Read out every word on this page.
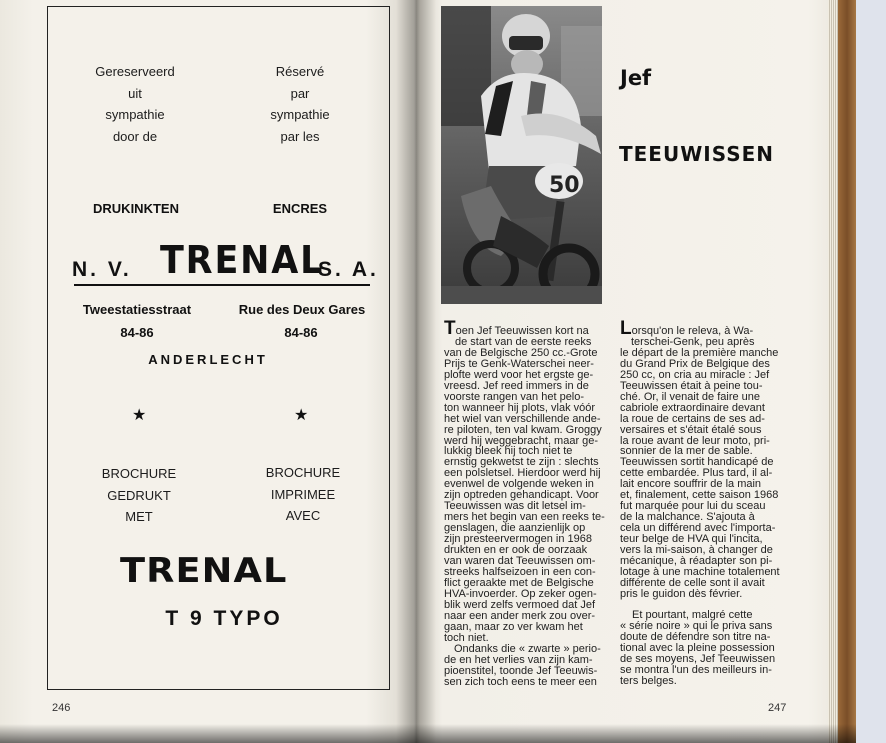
Gereserveerd
uit
sympathie
door de
Réservé
par
sympathie
par les
DRUKINKTEN	ENCRES
N. V. TRENAL
S. A.
Tweestatiesstraat	Rue des Deux Gares
84-86	84-86
ANDERLECHT
★	★
BROCHURE
GEDRUKT
MET
BROCHURE
IMPRIMEE
AVEC
TRENAL
T 9 TYPO
246
50
Jef
TEEUWISSEN

Toen Jef Teeuwissen kort na

de start van de eerste reeks

van de Belgische 250 cc.-Grote

Prijs te Genk-Waterschei neer-

plofte werd voor het ergste ge-

vreesd. Jef reed immers in de

voorste rangen van het pelo-

ton wanneer hij plots, vlak vóór

het wiel van verschillende ande-

re piloten, ten val kwam. Groggy

werd hij weggebracht, maar ge-

lukkig bleek hij toch niet te

ernstig gekwetst te zijn : slechts

een polsletsel. Hierdoor werd hij

evenwel de volgende weken in

zijn optreden gehandicapt. Voor

Teeuwissen was dit letsel im-

mers het begin van een reeks te-

genslagen, die aanzienlijk op

zijn presteervermogen in 1968

drukten en er ook de oorzaak

van waren dat Teeuwissen om-

streeks halfseizoen in een con-

flict geraakte met de Belgische

HVA-invoerder. Op zeker ogen-

blik werd zelfs vermoed dat Jef

naar een ander merk zou over-

gaan, maar zo ver kwam het

toch niet.

Ondanks die « zwarte » perio-

de en het verlies van zijn kam-

pioenstitel, toonde Jef Teeuwis-

sen zich toch eens te meer een

Lorsqu'on le releva, à Wa-

terschei-Genk, peu après

le départ de la première manche

du Grand Prix de Belgique des

250 cc, on cria au miracle : Jef

Teeuwissen était à peine tou-

ché. Or, il venait de faire une

cabriole extraordinaire devant

la roue de certains de ses ad-

versaires et s'était étalé sous

la roue avant de leur moto, pri-

sonnier de la mer de sable.

Teeuwissen sortit handicapé de

cette embardée. Plus tard, il al-

lait encore souffrir de la main

et, finalement, cette saison 1968

fut marquée pour lui du sceau

de la malchance. S'ajouta à

cela un différend avec l'importa-

teur belge de HVA qui l'incita,

vers la mi-saison, à changer de

mécanique, à réadapter son pi-

lotage à une machine totalement

différente de celle sont il avait

pris le guidon dès février.

Et pourtant, malgré cette

« série noire » qui le priva sans

doute de défendre son titre na-

tional avec la pleine possession

de ses moyens, Jef Teeuwissen

se montra l'un des meilleurs in-

ters belges.

247
